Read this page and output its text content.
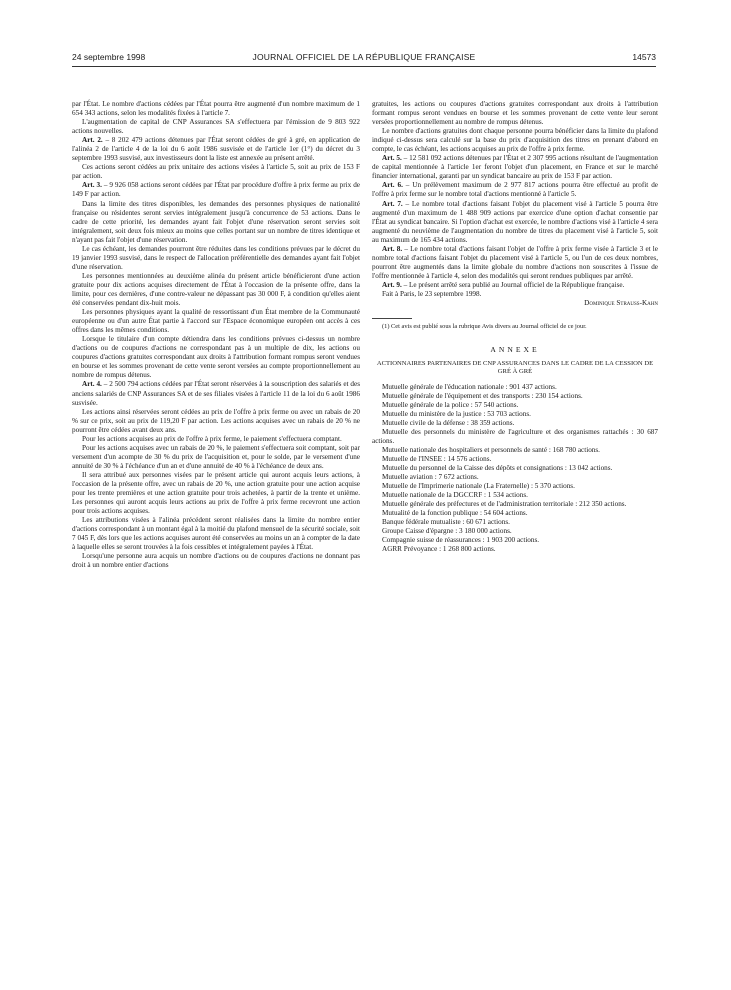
24 septembre 1998	JOURNAL OFFICIEL DE LA RÉPUBLIQUE FRANÇAISE	14573

par l'État. Le nombre d'actions cédées par l'État pourra être augmenté d'un nombre maximum de 1 654 343 actions, selon les modalités fixées à l'article 7.

L'augmentation de capital de CNP Assurances SA s'effectuera par l'émission de 9 803 922 actions nouvelles.

Art. 2. – 8 202 479 actions détenues par l'État seront cédées de gré à gré, en application de l'alinéa 2 de l'article 4 de la loi du 6 août 1986 susvisée et de l'article 1er (1°) du décret du 3 septembre 1993 susvisé, aux investisseurs dont la liste est annexée au présent arrêté.

Ces actions seront cédées au prix unitaire des actions visées à l'article 5, soit au prix de 153 F par action.

Art. 3. – 9 926 058 actions seront cédées par l'État par procédure d'offre à prix ferme au prix de 149 F par action.

Dans la limite des titres disponibles, les demandes des personnes physiques de nationalité française ou résidentes seront servies intégralement jusqu'à concurrence de 53 actions. Dans le cadre de cette priorité, les demandes ayant fait l'objet d'une réservation seront servies soit intégralement, soit deux fois mieux au moins que celles portant sur un nombre de titres identique et n'ayant pas fait l'objet d'une réservation.

Le cas échéant, les demandes pourront être réduites dans les conditions prévues par le décret du 19 janvier 1993 susvisé, dans le respect de l'allocation préférentielle des demandes ayant fait l'objet d'une réservation.

Les personnes mentionnées au deuxième alinéa du présent article bénéficieront d'une action gratuite pour dix actions acquises directement de l'État à l'occasion de la présente offre, dans la limite, pour ces dernières, d'une contre-valeur ne dépassant pas 30 000 F, à condition qu'elles aient été conservées pendant dix-huit mois.

Les personnes physiques ayant la qualité de ressortissant d'un État membre de la Communauté européenne ou d'un autre État partie à l'accord sur l'Espace économique européen ont accès à ces offres dans les mêmes conditions.

Lorsque le titulaire d'un compte détiendra dans les conditions prévues ci-dessus un nombre d'actions ou de coupures d'actions ne correspondant pas à un multiple de dix, les actions ou coupures d'actions gratuites correspondant aux droits à l'attribution formant rompus seront vendues en bourse et les sommes provenant de cette vente seront versées au compte proportionnellement au nombre de rompus détenus.

Art. 4. – 2 500 794 actions cédées par l'État seront réservées à la souscription des salariés et des anciens salariés de CNP Assurances SA et de ses filiales visées à l'article 11 de la loi du 6 août 1986 susvisée.

Les actions ainsi réservées seront cédées au prix de l'offre à prix ferme ou avec un rabais de 20 % sur ce prix, soit au prix de 119,20 F par action. Les actions acquises avec un rabais de 20 % ne pourront être cédées avant deux ans.

Pour les actions acquises au prix de l'offre à prix ferme, le paiement s'effectuera comptant.

Pour les actions acquises avec un rabais de 20 %, le paiement s'effectuera soit comptant, soit par versement d'un acompte de 30 % du prix de l'acquisition et, pour le solde, par le versement d'une annuité de 30 % à l'échéance d'un an et d'une annuité de 40 % à l'échéance de deux ans.

Il sera attribué aux personnes visées par le présent article qui auront acquis leurs actions, à l'occasion de la présente offre, avec un rabais de 20 %, une action gratuite pour une action acquise pour les trente premières et une action gratuite pour trois achetées, à partir de la trente et unième. Les personnes qui auront acquis leurs actions au prix de l'offre à prix ferme recevront une action pour trois actions acquises.

Les attributions visées à l'alinéa précédent seront réalisées dans la limite du nombre entier d'actions correspondant à un montant égal à la moitié du plafond mensuel de la sécurité sociale, soit 7 045 F, dès lors que les actions acquises auront été conservées au moins un an à compter de la date à laquelle elles se seront trouvées à la fois cessibles et intégralement payées à l'État.

Lorsqu'une personne aura acquis un nombre d'actions ou de coupures d'actions ne donnant pas droit à un nombre entier d'actions

gratuites, les actions ou coupures d'actions gratuites correspondant aux droits à l'attribution formant rompus seront vendues en bourse et les sommes provenant de cette vente leur seront versées proportionnellement au nombre de rompus détenus.

Le nombre d'actions gratuites dont chaque personne pourra bénéficier dans la limite du plafond indiqué ci-dessus sera calculé sur la base du prix d'acquisition des titres en prenant d'abord en compte, le cas échéant, les actions acquises au prix de l'offre à prix ferme.

Art. 5. – 12 581 092 actions détenues par l'État et 2 307 995 actions résultant de l'augmentation de capital mentionnée à l'article 1er feront l'objet d'un placement, en France et sur le marché financier international, garanti par un syndicat bancaire au prix de 153 F par action.

Art. 6. – Un prélèvement maximum de 2 977 817 actions pourra être effectué au profit de l'offre à prix ferme sur le nombre total d'actions mentionné à l'article 5.

Art. 7. – Le nombre total d'actions faisant l'objet du placement visé à l'article 5 pourra être augmenté d'un maximum de 1 488 909 actions par exercice d'une option d'achat consentie par l'État au syndicat bancaire. Si l'option d'achat est exercée, le nombre d'actions visé à l'article 4 sera augmenté du neuvième de l'augmentation du nombre de titres du placement visé à l'article 5, soit au maximum de 165 434 actions.

Art. 8. – Le nombre total d'actions faisant l'objet de l'offre à prix ferme visée à l'article 3 et le nombre total d'actions faisant l'objet du placement visé à l'article 5, ou l'un de ces deux nombres, pourront être augmentés dans la limite globale du nombre d'actions non souscrites à l'issue de l'offre mentionnée à l'article 4, selon des modalités qui seront rendues publiques par arrêté.

Art. 9. – Le présent arrêté sera publié au Journal officiel de la République française.

Fait à Paris, le 23 septembre 1998.

Dominique Strauss-Kahn

(1) Cet avis est publié sous la rubrique Avis divers au Journal officiel de ce jour.

ANNEXE
ACTIONNAIRES PARTENAIRES DE CNP ASSURANCES DANS LE CADRE DE LA CESSION DE GRÉ À GRÉ

Mutuelle générale de l'éducation nationale : 901 437 actions.

Mutuelle générale de l'équipement et des transports : 230 154 actions.

Mutuelle générale de la police : 57 540 actions.

Mutuelle du ministère de la justice : 53 703 actions.

Mutuelle civile de la défense : 38 359 actions.

Mutuelle des personnels du ministère de l'agriculture et des organismes rattachés : 30 687 actions.

Mutuelle nationale des hospitaliers et personnels de santé : 168 780 actions.

Mutuelle de l'INSEE : 14 576 actions.

Mutuelle du personnel de la Caisse des dépôts et consignations : 13 042 actions.

Mutuelle aviation : 7 672 actions.

Mutuelle de l'Imprimerie nationale (La Fraternelle) : 5 370 actions.

Mutuelle nationale de la DGCCRF : 1 534 actions.

Mutuelle générale des préfectures et de l'administration territoriale : 212 350 actions.

Mutualité de la fonction publique : 54 604 actions.

Banque fédérale mutualiste : 60 671 actions.

Groupe Caisse d'épargne : 3 180 000 actions.

Compagnie suisse de réassurances : 1 903 200 actions.

AGRR Prévoyance : 1 268 800 actions.
